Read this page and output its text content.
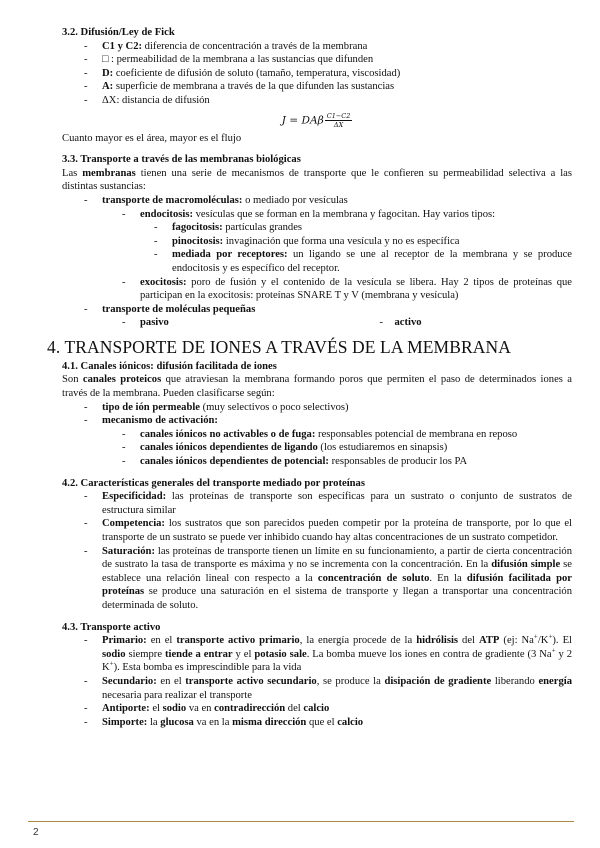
3.2. Difusión/Ley de Fick
- C1 y C2: diferencia de concentración a través de la membrana
- □ : permeabilidad de la membrana a las sustancias que difunden
- D: coeficiente de difusión de soluto (tamaño, temperatura, viscosidad)
- A: superficie de membrana a través de la que difunden las sustancias
- ΔX: distancia de difusión
J = DAβ $\frac{C1-C2}{\Delta X}$
Cuanto mayor es el área, mayor es el flujo
3.3. Transporte a través de las membranas biológicas
Las membranas tienen una serie de mecanismos de transporte que le confieren su permeabilidad selectiva a las distintas sustancias:
- transporte de macromoléculas: o mediado por vesículas
- endocitosis: vesículas que se forman en la membrana y fagocitan. Hay varios tipos:
- fagocitosis: partículas grandes
- pinocitosis: invaginación que forma una vesícula y no es específica
- mediada por receptores: un ligando se une al receptor de la membrana y se produce endocitosis y es específico del receptor.
- exocitosis: poro de fusión y el contenido de la vesícula se libera. Hay 2 tipos de proteínas que participan en la exocitosis: proteínas SNARE T y V (membrana y vesícula)
- transporte de moléculas pequeñas
- pasivo	- activo
4. TRANSPORTE DE IONES A TRAVÉS DE LA MEMBRANA
4.1. Canales iónicos: difusión facilitada de iones
Son canales proteicos que atraviesan la membrana formando poros que permiten el paso de determinados iones a través de la membrana. Pueden clasificarse según:
- tipo de ión permeable (muy selectivos o poco selectivos)
- mecanismo de activación:
- canales iónicos no activables o de fuga: responsables potencial de membrana en reposo
- canales iónicos dependientes de ligando (los estudiaremos en sinapsis)
- canales iónicos dependientes de potencial: responsables de producir los PA
4.2. Características generales del transporte mediado por proteínas
- Especificidad: las proteínas de transporte son específicas para un sustrato o conjunto de sustratos de estructura similar
- Competencia: los sustratos que son parecidos pueden competir por la proteína de transporte, por lo que el transporte de un sustrato se puede ver inhibido cuando hay altas concentraciones de un sustrato competidor.
- Saturación: las proteínas de transporte tienen un límite en su funcionamiento, a partir de cierta concentración de sustrato la tasa de transporte es máxima y no se incrementa con la concentración. En la difusión simple se establece una relación lineal con respecto a la concentración de soluto. En la difusión facilitada por proteínas se produce una saturación en el sistema de transporte y llegan a transportar una concentración determinada de soluto.
4.3. Transporte activo
- Primario: en el transporte activo primario, la energía procede de la hidrólisis del ATP (ej: Na+/K+). El sodio siempre tiende a entrar y el potasio sale. La bomba mueve los iones en contra de gradiente (3 Na+ y 2 K+). Esta bomba es imprescindible para la vida
- Secundario: en el transporte activo secundario, se produce la disipación de gradiente liberando energía necesaria para realizar el transporte
- Antiporte: el sodio va en contradirección del calcio
- Simporte: la glucosa va en la misma dirección que el calcio
2
